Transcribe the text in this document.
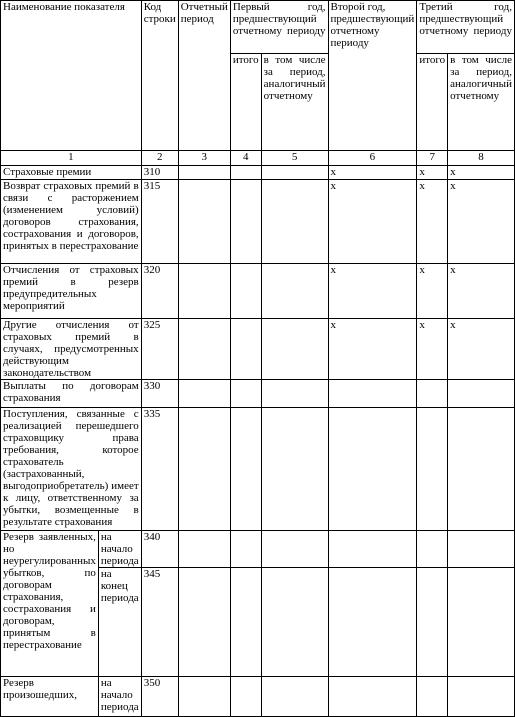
Наименование показателя		Код строки	Отчетный период	Первый год, предшествующий отчетному периоду		Второй год, предшествующий отчетному периоду	Третий год, предшествующий отчетному периоду	
				итого	в том числе за период, аналогичный отчетному		итого	в том числе за период, аналогичный отчетному
1		2	3	4	5	6	7	8
Страховые премии		310				x	x	x
Возврат страховых премий в связи с расторжением (изменением условий) договоров страхования, сострахования и договоров, принятых в перестрахование		315				x	x	x
Отчисления от страховых премий в резерв предупредительных мероприятий		320				x	x	x
Другие отчисления от страховых премий в случаях, предусмотренных действующим законодательством		325				x	x	x
Выплаты по договорам страхования		330						
Поступления, связанные с реализацией перешедшего страховщику права требования, которое страхователь (застрахованный, выгодоприобретатель) имеет к лицу, ответственному за убытки, возмещенные в результате страхования		335						
Резерв заявленных, но неурегулированных убытков, по договорам страхования, сострахования и договорам, принятым в перестрахование	на начало периода	340						
	на конец периода	345						
Резерв произошедших,	на начало периода	350						
